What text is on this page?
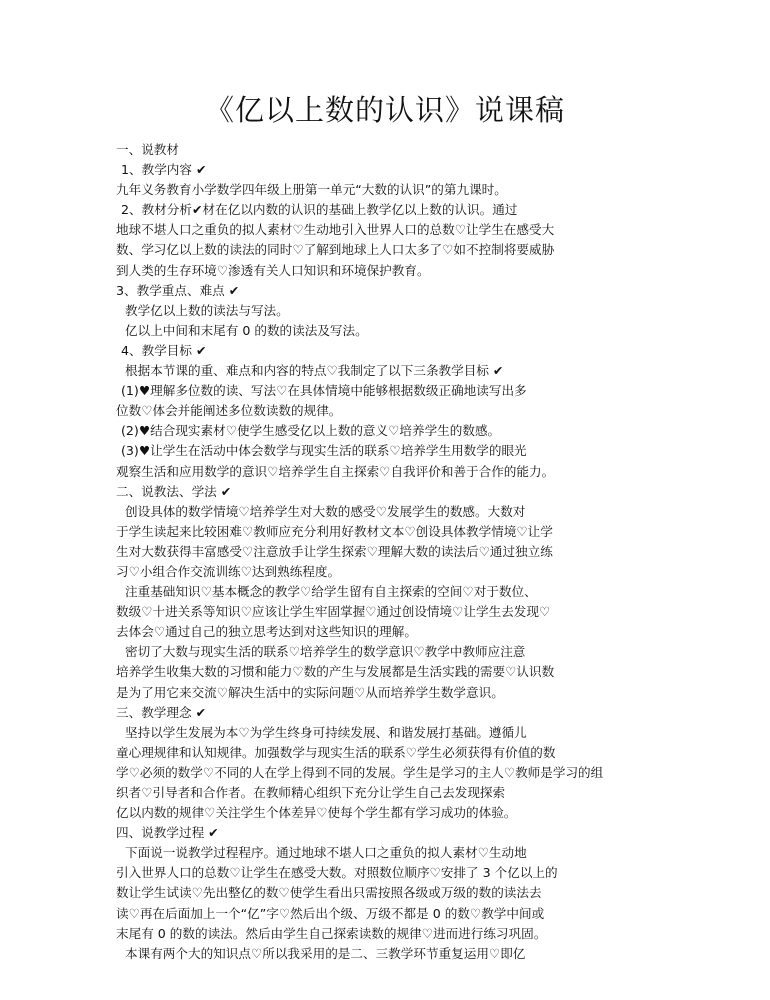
《亿以上数的认识》说课稿
一、说教材
1、教学内容 ✔
九年义务教育小学数学四年级上册第一单元“大数的认识”的第九课时。
2、教材分析✔材在亿以内数的认识的基础上教学亿以上数的认识。通过
地球不堪人口之重负的拟人素材♡生动地引入世界人口的总数♡让学生在感受大
数、学习亿以上数的读法的同时♡了解到地球上人口太多了♡如不控制将要威胁
到人类的生存环境♡渗透有关人口知识和环境保护教育。
3、教学重点、难点 ✔
教学亿以上数的读法与写法。
亿以上中间和末尾有 0 的数的读法及写法。
4、教学目标 ✔
根据本节课的重、难点和内容的特点♡我制定了以下三条教学目标 ✔
(1)♥理解多位数的读、写法♡在具体情境中能够根据数级正确地读写出多
位数♡体会并能阐述多位数读数的规律。
(2)♥结合现实素材♡使学生感受亿以上数的意义♡培养学生的数感。
(3)♥让学生在活动中体会数学与现实生活的联系♡培养学生用数学的眼光
观察生活和应用数学的意识♡培养学生自主探索♡自我评价和善于合作的能力。
二、说教法、学法 ✔
创设具体的数学情境♡培养学生对大数的感受♡发展学生的数感。大数对
于学生读起来比较困难♡教师应充分利用好教材文本♡创设具体教学情境♡让学
生对大数获得丰富感受♡注意放手让学生探索♡理解大数的读法后♡通过独立练
习♡小组合作交流训练♡达到熟练程度。
注重基础知识♡基本概念的教学♡给学生留有自主探索的空间♡对于数位、
数级♡十进关系等知识♡应该让学生牢固掌握♡通过创设情境♡让学生去发现♡
去体会♡通过自己的独立思考达到对这些知识的理解。
密切了大数与现实生活的联系♡培养学生的数学意识♡教学中教师应注意
培养学生收集大数的习惯和能力♡数的产生与发展都是生活实践的需要♡认识数
是为了用它来交流♡解决生活中的实际问题♡从而培养学生数学意识。
三、教学理念 ✔
坚持以学生发展为本♡为学生终身可持续发展、和谐发展打基础。遵循儿
童心理规律和认知规律。加强数学与现实生活的联系♡学生必须获得有价值的数
学♡必须的数学♡不同的人在学上得到不同的发展。学生是学习的主人♡教师是学习的组
织者♡引导者和合作者。在教师精心组织下充分让学生自己去发现探索
亿以内数的规律♡关注学生个体差异♡使每个学生都有学习成功的体验。
四、说教学过程 ✔
下面说一说教学过程程序。通过地球不堪人口之重负的拟人素材♡生动地
引入世界人口的总数♡让学生在感受大数。对照数位顺序♡安排了 3 个亿以上的
数让学生试读♡先出整亿的数♡使学生看出只需按照各级或万级的数的读法去
读♡再在后面加上一个“亿”字♡然后出个级、万级不都是 0 的数♡教学中间或
末尾有 0 的数的读法。然后由学生自己探索读数的规律♡进而进行练习巩固。
本课有两个大的知识点♡所以我采用的是二、三教学环节重复运用♡即亿
